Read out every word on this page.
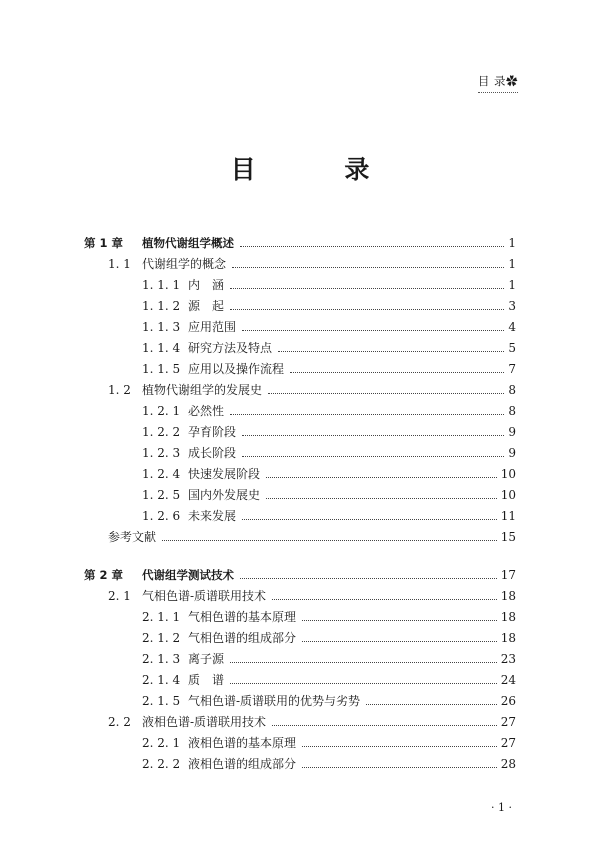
目 录✿
目 录
第 1 章	植物代谢组学概述	1
1. 1 代谢组学的概念	1
1. 1. 1 内　涵	1
1. 1. 2 源　起	3
1. 1. 3 应用范围	4
1. 1. 4 研究方法及特点	5
1. 1. 5 应用以及操作流程	7
1. 2 植物代谢组学的发展史	8
1. 2. 1 必然性	8
1. 2. 2 孕育阶段	9
1. 2. 3 成长阶段	9
1. 2. 4 快速发展阶段	10
1. 2. 5 国内外发展史	10
1. 2. 6 未来发展	11
参考文献	15
第 2 章	代谢组学测试技术	17
2. 1 气相色谱-质谱联用技术	18
2. 1. 1 气相色谱的基本原理	18
2. 1. 2 气相色谱的组成部分	18
2. 1. 3 离子源	23
2. 1. 4 质　谱	24
2. 1. 5 气相色谱-质谱联用的优势与劣势	26
2. 2 液相色谱-质谱联用技术	27
2. 2. 1 液相色谱的基本原理	27
2. 2. 2 液相色谱的组成部分	28
· 1 ·
